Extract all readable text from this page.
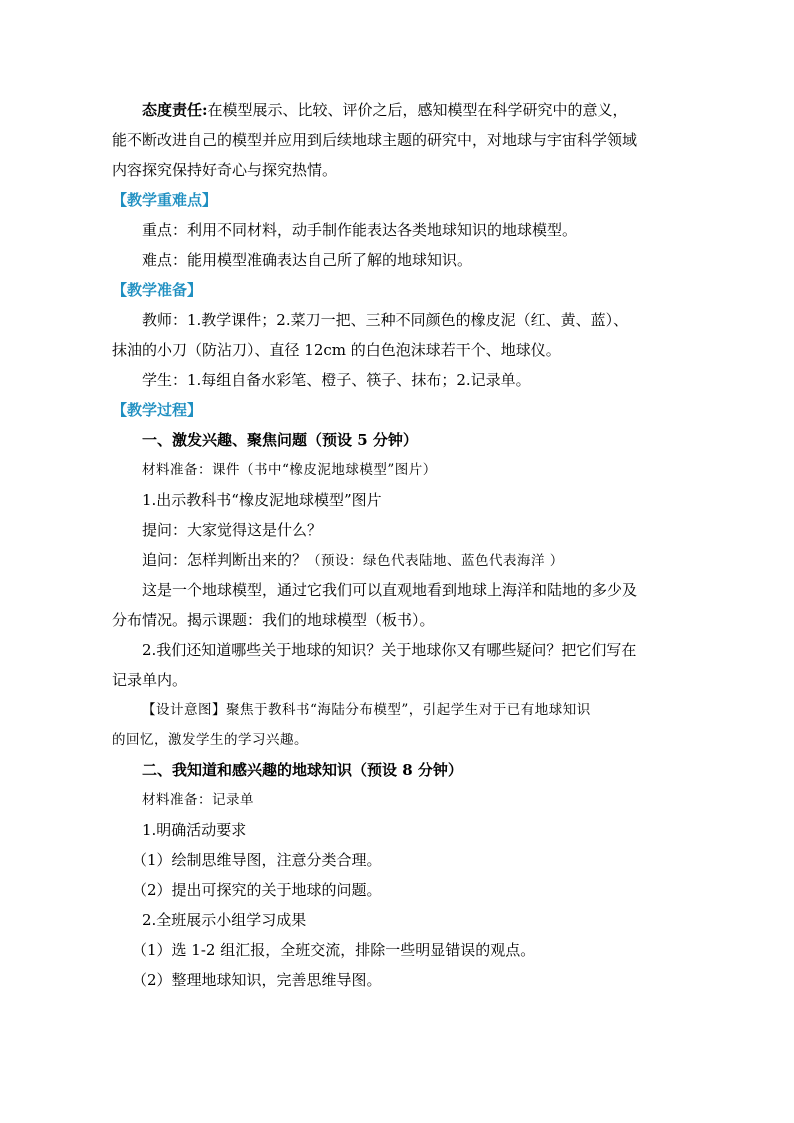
态度责任:在模型展示、比较、评价之后，感知模型在科学研究中的意义，
能不断改进自己的模型并应用到后续地球主题的研究中，对地球与宇宙科学领域
内容探究保持好奇心与探究热情。
【教学重难点】
重点：利用不同材料，动手制作能表达各类地球知识的地球模型。
难点：能用模型准确表达自己所了解的地球知识。
【教学准备】
教师：1.教学课件；2.菜刀一把、三种不同颜色的橡皮泥（红、黄、蓝）、
抹油的小刀（防沾刀）、直径 12cm 的白色泡沫球若干个、地球仪。
学生：1.每组自备水彩笔、橙子、筷子、抹布；2.记录单。
【教学过程】
一、激发兴趣、聚焦问题（预设 5 分钟）
材料准备：课件（书中“橡皮泥地球模型”图片）
1.出示教科书“橡皮泥地球模型”图片
提问：大家觉得这是什么？
追问：怎样判断出来的？（预设：绿色代表陆地、蓝色代表海洋 ）
这是一个地球模型，通过它我们可以直观地看到地球上海洋和陆地的多少及
分布情况。揭示课题：我们的地球模型（板书）。
2.我们还知道哪些关于地球的知识？关于地球你又有哪些疑问？把它们写在
记录单内。
【设计意图】聚焦于教科书“海陆分布模型”，引起学生对于已有地球知识
的回忆，激发学生的学习兴趣。
二、我知道和感兴趣的地球知识（预设 8 分钟）
材料准备：记录单
1.明确活动要求
（1）绘制思维导图，注意分类合理。
（2）提出可探究的关于地球的问题。
2.全班展示小组学习成果
（1）选 1-2 组汇报，全班交流，排除一些明显错误的观点。
（2）整理地球知识，完善思维导图。
